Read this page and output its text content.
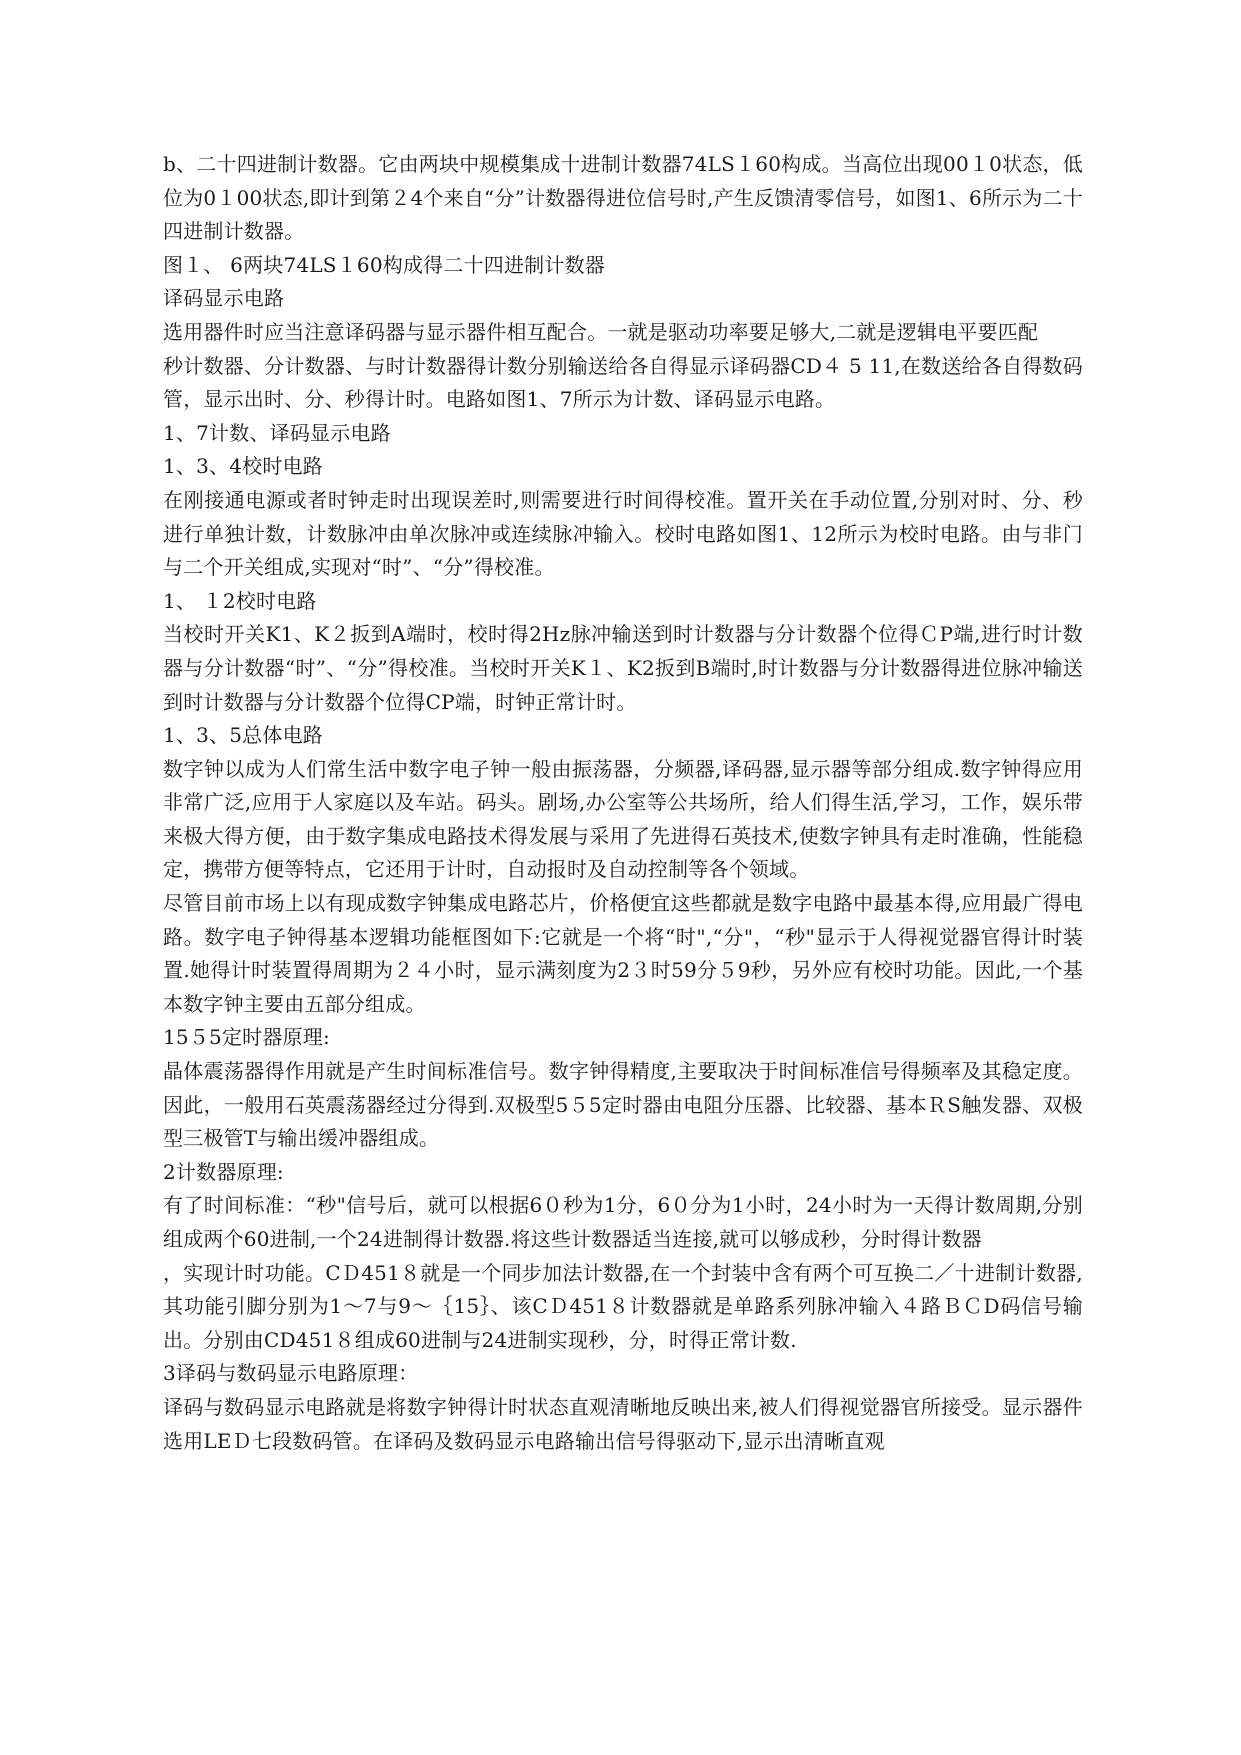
b、二十四进制计数器。它由两块中规模集成十进制计数器74LS１60构成。当高位出现00１0状态，低位为0１00状态,即计到第２4个来自“分”计数器得进位信号时,产生反馈清零信号，如图1、6所示为二十四进制计数器。

图１、 6两块74LS１60构成得二十四进制计数器

译码显示电路

选用器件时应当注意译码器与显示器件相互配合。一就是驱动功率要足够大,二就是逻辑电平要匹配

秒计数器、分计数器、与时计数器得计数分别输送给各自得显示译码器CD４ 5 11,在数送给各自得数码管，显示出时、分、秒得计时。电路如图1、7所示为计数、译码显示电路。

1、7计数、译码显示电路

1、3、4校时电路

在刚接通电源或者时钟走时出现误差时,则需要进行时间得校准。置开关在手动位置,分别对时、分、秒进行单独计数，计数脉冲由单次脉冲或连续脉冲输入。校时电路如图1、12所示为校时电路。由与非门与二个开关组成,实现对“时”、“分”得校准。

1、 １2校时电路

当校时开关K1、K２扳到A端时，校时得2Hz脉冲输送到时计数器与分计数器个位得ＣP端,进行时计数器与分计数器“时”、“分”得校准。当校时开关K１、K2扳到B端时,时计数器与分计数器得进位脉冲输送到时计数器与分计数器个位得CP端，时钟正常计时。

1、3、5总体电路

数字钟以成为人们常生活中数字电子钟一般由振荡器，分频器,译码器,显示器等部分组成.数字钟得应用非常广泛,应用于人家庭以及车站。码头。剧场,办公室等公共场所，给人们得生活,学习，工作，娱乐带来极大得方便，由于数字集成电路技术得发展与采用了先进得石英技术,使数字钟具有走时准确，性能稳定，携带方便等特点，它还用于计时，自动报时及自动控制等各个领域。

尽管目前市场上以有现成数字钟集成电路芯片，价格便宜这些都就是数字电路中最基本得,应用最广得电路。数字电子钟得基本逻辑功能框图如下:它就是一个将“时",“分"，“秒"显示于人得视觉器官得计时装置.她得计时装置得周期为２４小时，显示满刻度为2３时59分５9秒，另外应有校时功能。因此,一个基本数字钟主要由五部分组成。

15５5定时器原理:

晶体震荡器得作用就是产生时间标准信号。数字钟得精度,主要取决于时间标准信号得频率及其稳定度。因此，一般用石英震荡器经过分得到.双极型5５5定时器由电阻分压器、比较器、基本ＲS触发器、双极型三极管T与输出缓冲器组成。

2计数器原理:

有了时间标准：“秒"信号后，就可以根据6０秒为1分，6０分为1小时，24小时为一天得计数周期,分别组成两个60进制,一个24进制得计数器.将这些计数器适当连接,就可以够成秒，分时得计数器

，实现计时功能。CＤ451８就是一个同步加法计数器,在一个封装中含有两个可互换二／十进制计数器,其功能引脚分别为1～7与9～｛15｝、该CＤ451８计数器就是单路系列脉冲输入４路ＢＣD码信号输出。分别由CD451８组成60进制与24进制实现秒，分，时得正常计数.

3译码与数码显示电路原理：

译码与数码显示电路就是将数字钟得计时状态直观清晰地反映出来,被人们得视觉器官所接受。显示器件选用LEＤ七段数码管。在译码及数码显示电路输出信号得驱动下,显示出清晰直观
